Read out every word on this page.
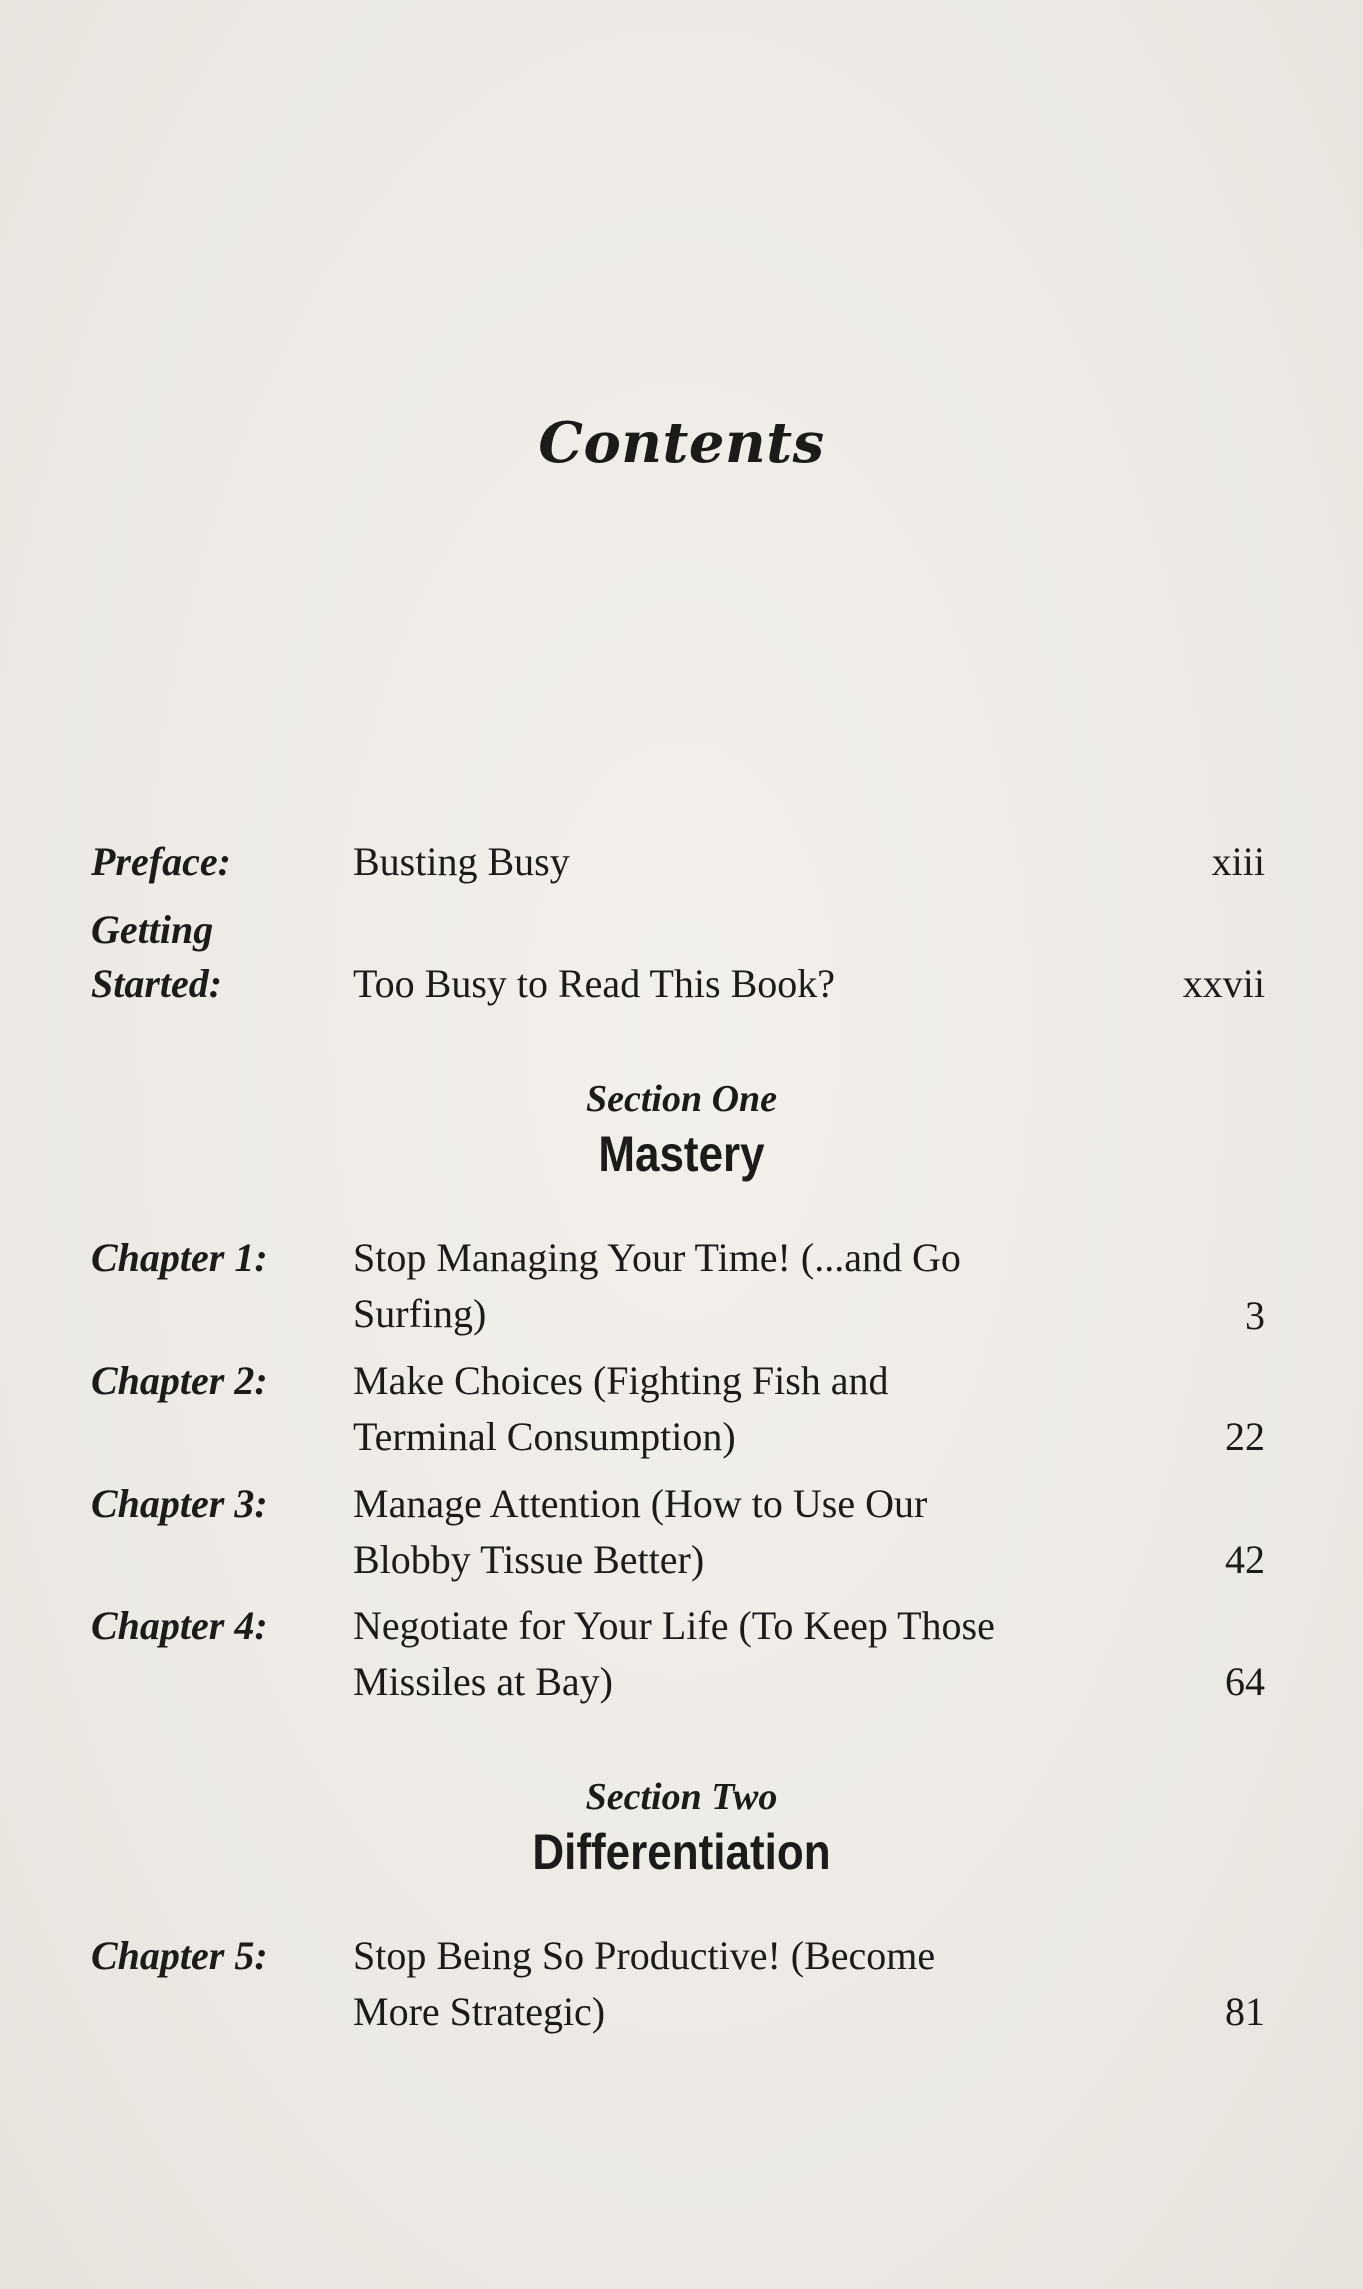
Contents
Preface:	Busting Busy	xiii
Getting
Started:	Too Busy to Read This Book?	xxvii
Section One
Mastery
Chapter 1:	Stop Managing Your Time! (...and Go
Surfing)	3
Chapter 2:	Make Choices (Fighting Fish and
Terminal Consumption)	22
Chapter 3:	Manage Attention (How to Use Our
Blobby Tissue Better)	42
Chapter 4:	Negotiate for Your Life (To Keep Those
Missiles at Bay)	64
Section Two
Differentiation
Chapter 5:	Stop Being So Productive! (Become
More Strategic)	81
